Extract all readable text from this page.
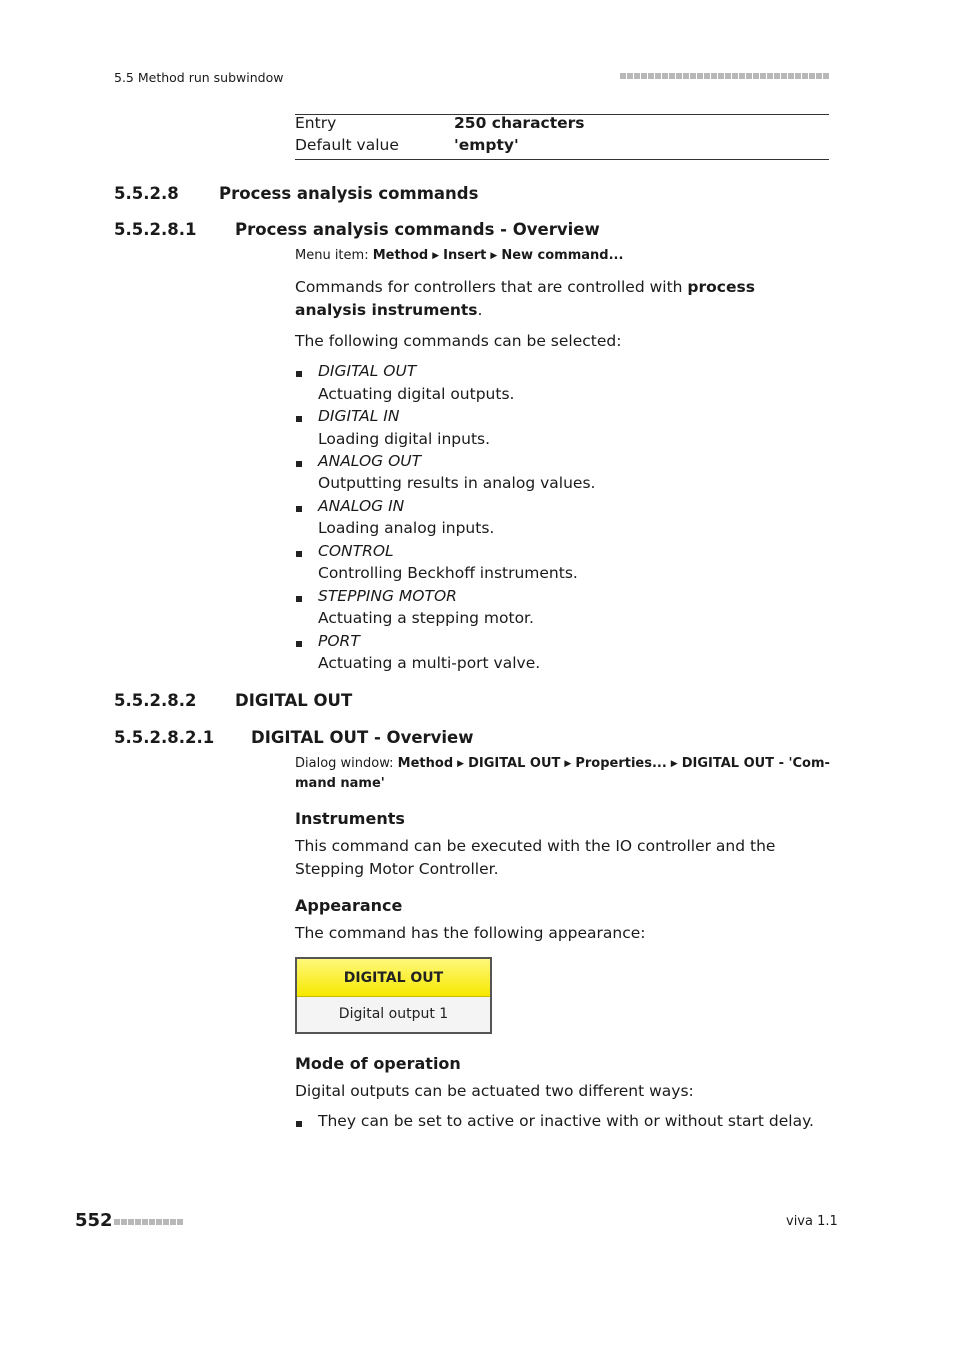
5.5 Method run subwindow
Entry	250 characters
Default value	'empty'
5.5.2.8 Process analysis commands
5.5.2.8.1 Process analysis commands - Overview
Menu item: Method ▶ Insert ▶ New command...
Commands for controllers that are controlled with process analysis instruments.
The following commands can be selected:
DIGITAL OUT
Actuating digital outputs.
DIGITAL IN
Loading digital inputs.
ANALOG OUT
Outputting results in analog values.
ANALOG IN
Loading analog inputs.
CONTROL
Controlling Beckhoff instruments.
STEPPING MOTOR
Actuating a stepping motor.
PORT
Actuating a multi-port valve.
5.5.2.8.2 DIGITAL OUT
5.5.2.8.2.1 DIGITAL OUT - Overview
Dialog window: Method ▶ DIGITAL OUT ▶ Properties... ▶ DIGITAL OUT - 'Com-
mand name'
Instruments
This command can be executed with the IO controller and the Stepping Motor Controller.
Appearance
The command has the following appearance:
DIGITAL OUT
Digital output 1
Mode of operation
Digital outputs can be actuated two different ways:
They can be set to active or inactive with or without start delay.
552	viva 1.1
